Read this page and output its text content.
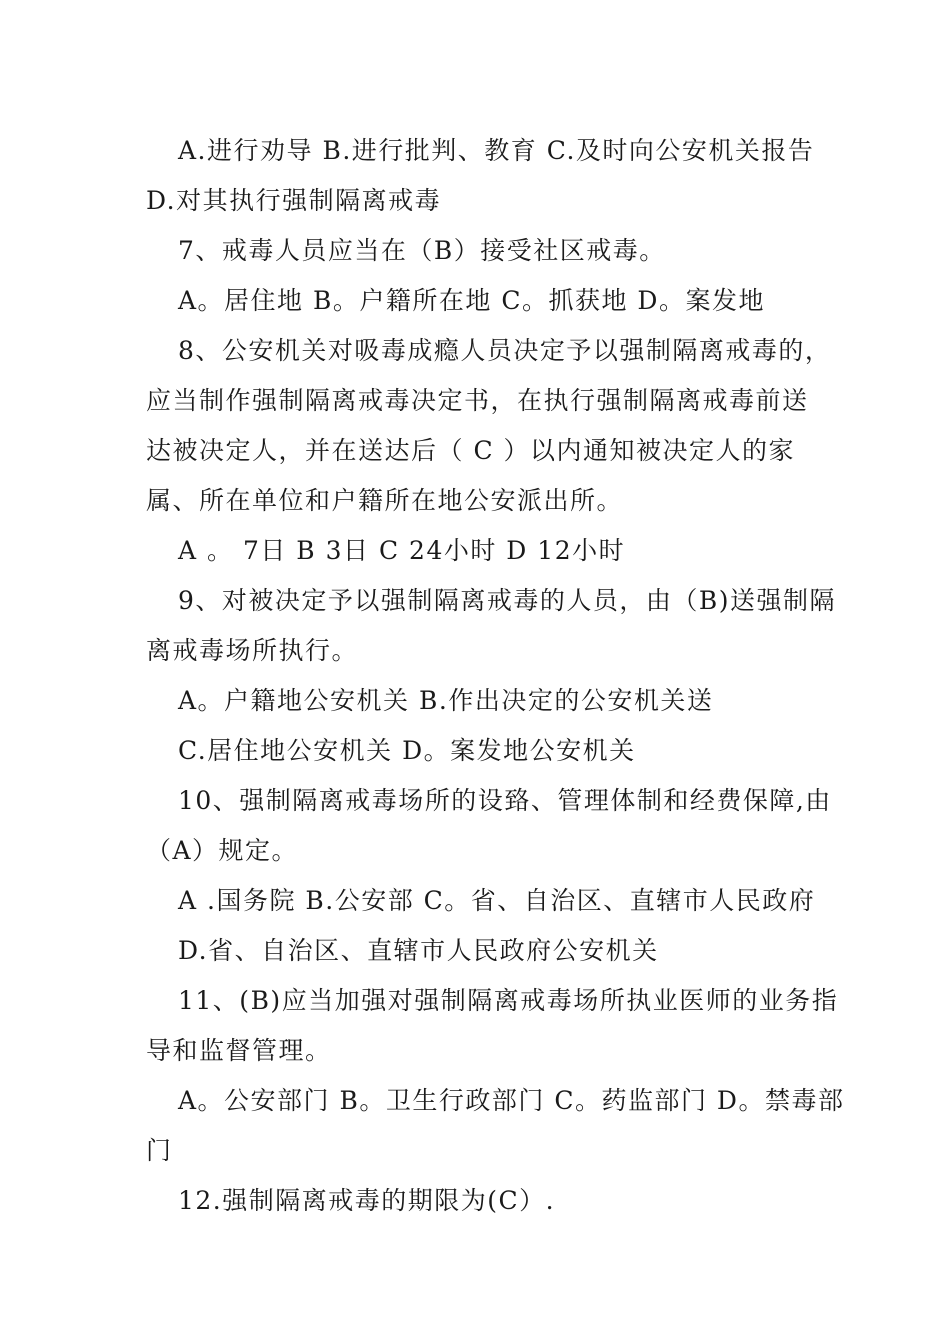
A.进行劝导 B.进行批判、教育 C.及时向公安机关报告
D.对其执行强制隔离戒毒
7、戒毒人员应当在（B）接受社区戒毒。
A。居住地 B。户籍所在地 C。抓获地 D。案发地
8、公安机关对吸毒成瘾人员决定予以强制隔离戒毒的，
应当制作强制隔离戒毒决定书，在执行强制隔离戒毒前送
达被决定人，并在送达后（ C ）以内通知被决定人的家
属、所在单位和户籍所在地公安派出所。
A 。 7日 B 3日 C 24小时 D 12小时
9、对被决定予以强制隔离戒毒的人员，由（B)送强制隔
离戒毒场所执行。
A。户籍地公安机关 B.作出决定的公安机关送
C.居住地公安机关 D。案发地公安机关
10、强制隔离戒毒场所的设臵、管理体制和经费保障,由
（A）规定。
A .国务院 B.公安部 C。省、自治区、直辖市人民政府
D.省、自治区、直辖市人民政府公安机关
11、(B)应当加强对强制隔离戒毒场所执业医师的业务指
导和监督管理。
A。公安部门 B。卫生行政部门 C。药监部门 D。禁毒部
门
12.强制隔离戒毒的期限为(C）.
